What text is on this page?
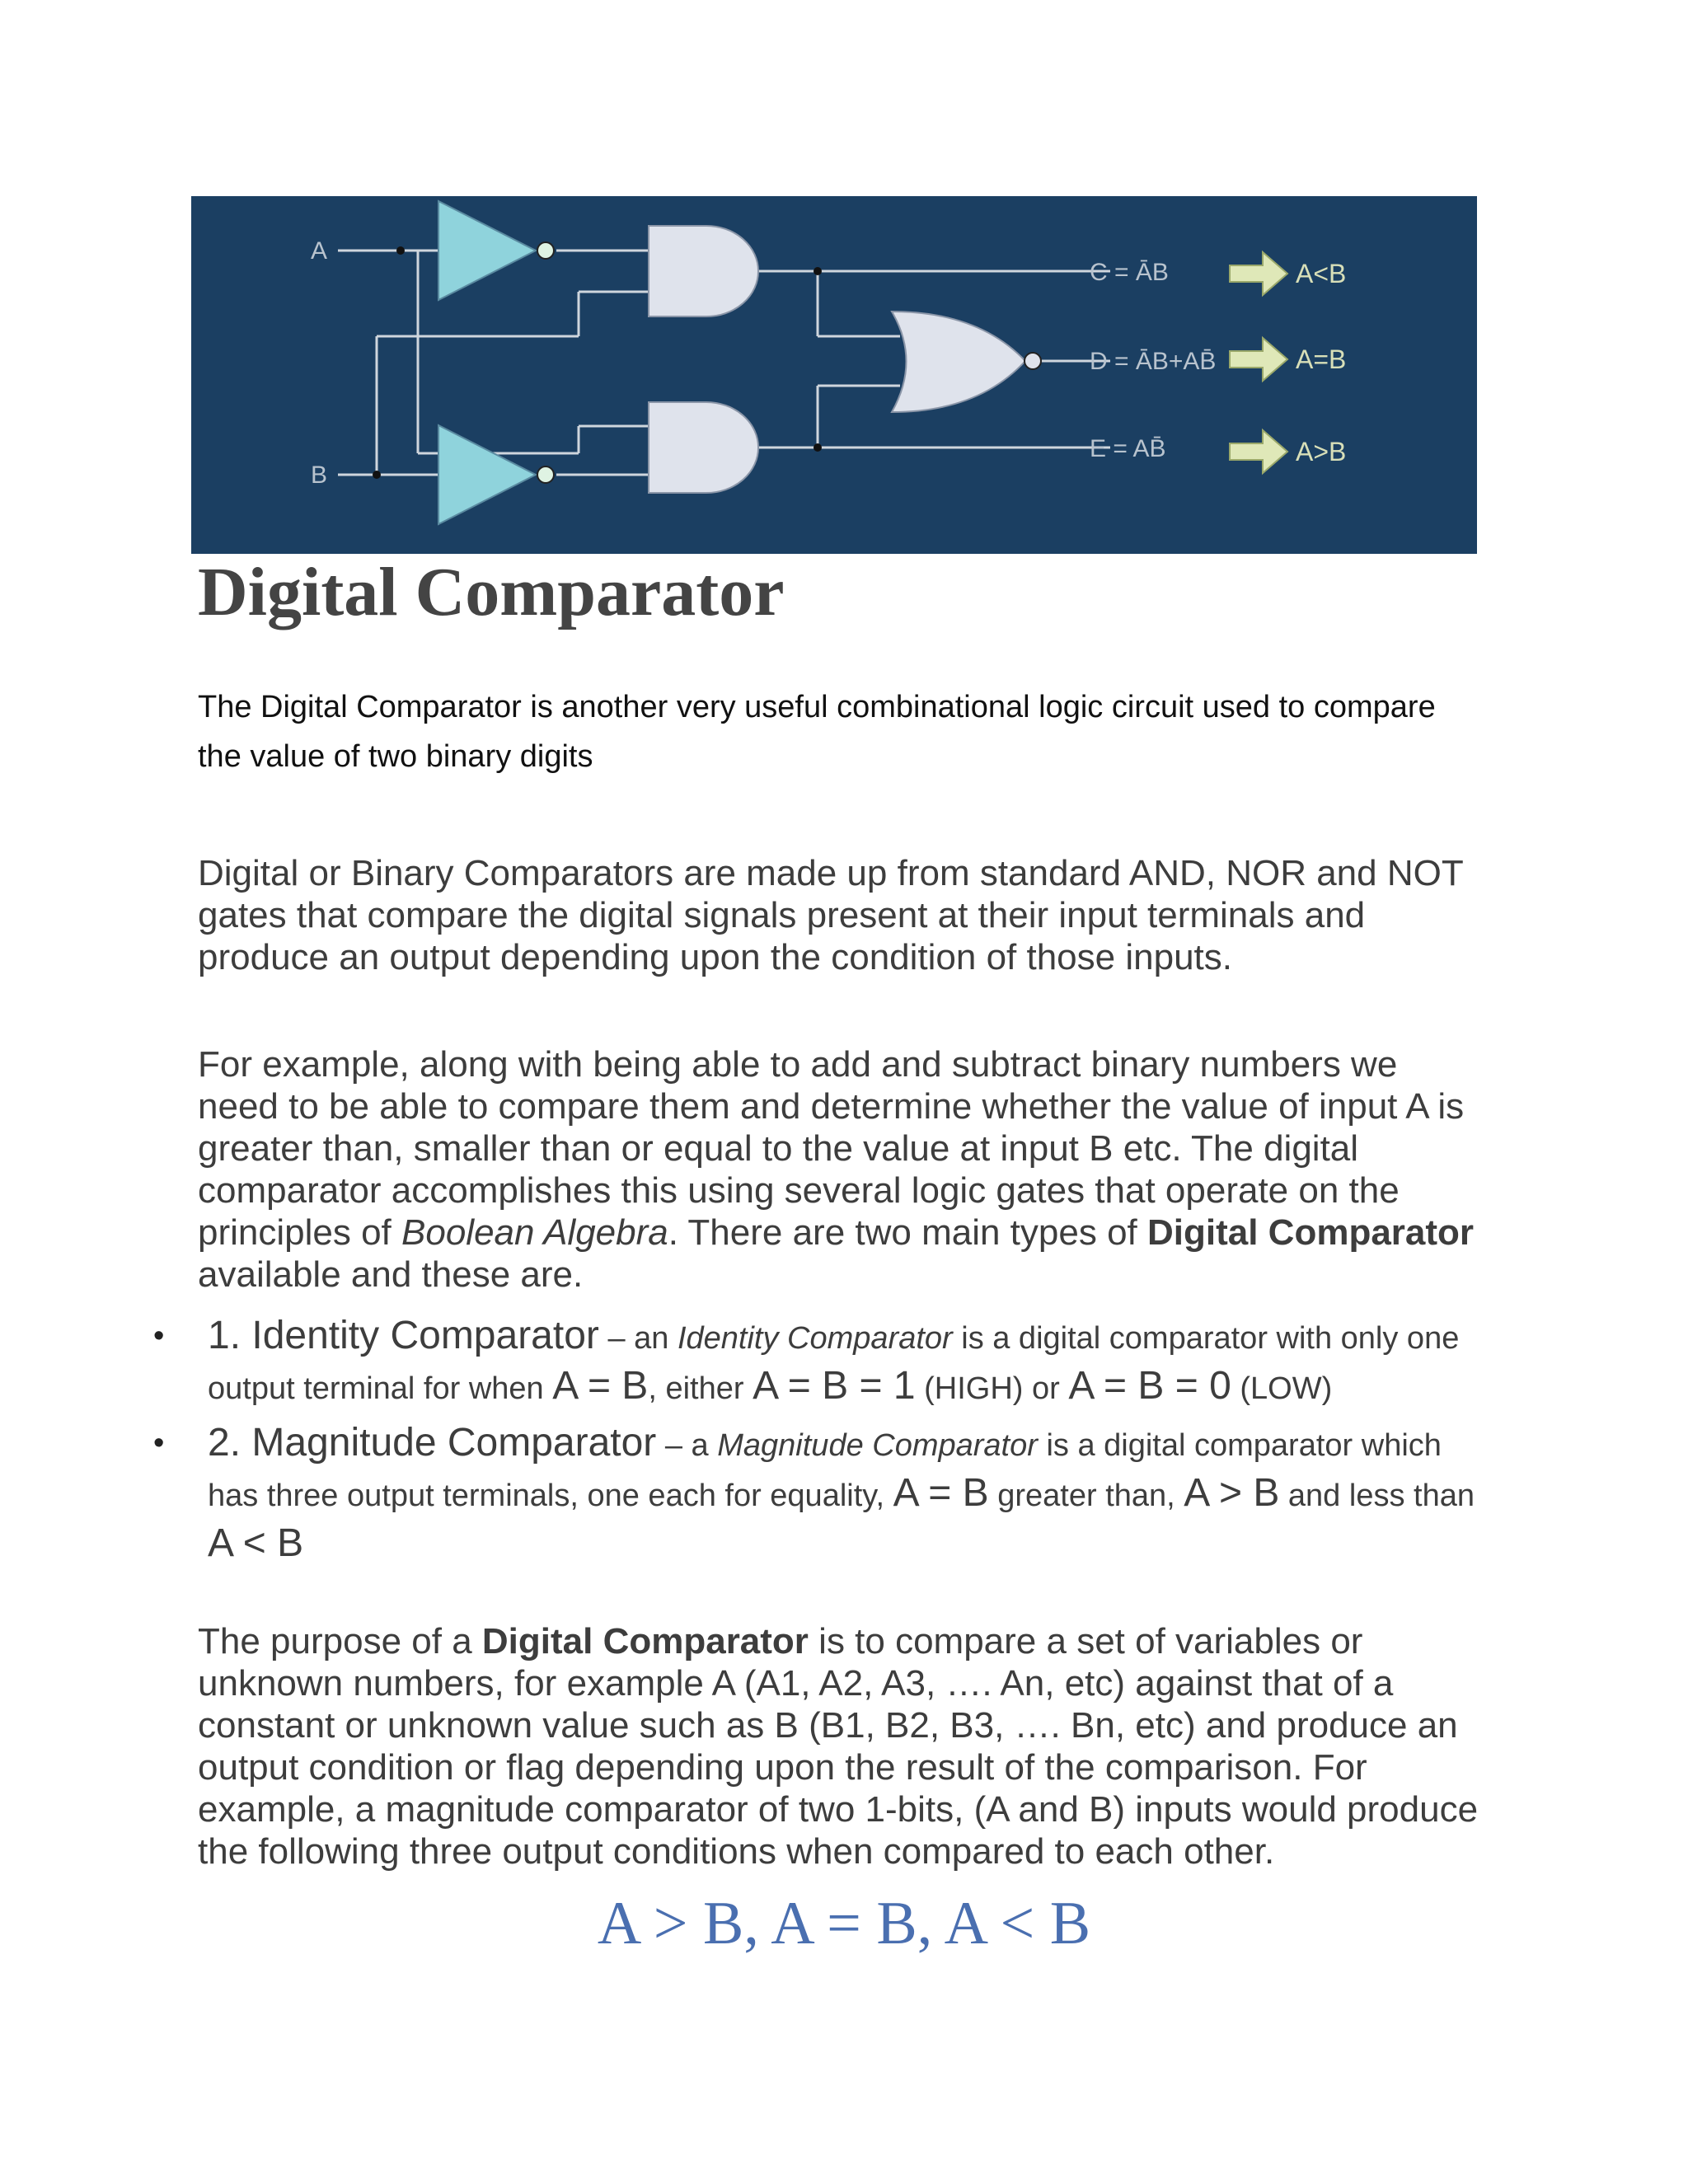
A
B
C = ĀB
D = ĀB+AB̄
E = AB̄
A<B
A=B
A>B
Digital Comparator

The Digital Comparator is another very useful combinational logic circuit used to compare the value of two binary digits

Digital or Binary Comparators are made up from standard AND, NOR and NOT gates that compare the digital signals present at their input terminals and produce an output depending upon the condition of those inputs.

For example, along with being able to add and subtract binary numbers we need to be able to compare them and determine whether the value of input A is greater than, smaller than or equal to the value at input B etc. The digital comparator accomplishes this using several logic gates that operate on the principles of Boolean Algebra. There are two main types of Digital Comparator available and these are.

• 1. Identity Comparator – an Identity Comparator is a digital comparator with only one output terminal for when A = B, either A = B = 1 (HIGH) or A = B = 0 (LOW)
• 2. Magnitude Comparator – a Magnitude Comparator is a digital comparator which has three output terminals, one each for equality, A = B greater than, A > B and less than A < B

The purpose of a Digital Comparator is to compare a set of variables or unknown numbers, for example A (A1, A2, A3, …. An, etc) against that of a constant or unknown value such as B (B1, B2, B3, …. Bn, etc) and produce an output condition or flag depending upon the result of the comparison. For example, a magnitude comparator of two 1-bits, (A and B) inputs would produce the following three output conditions when compared to each other.

A > B, A = B, A < B
